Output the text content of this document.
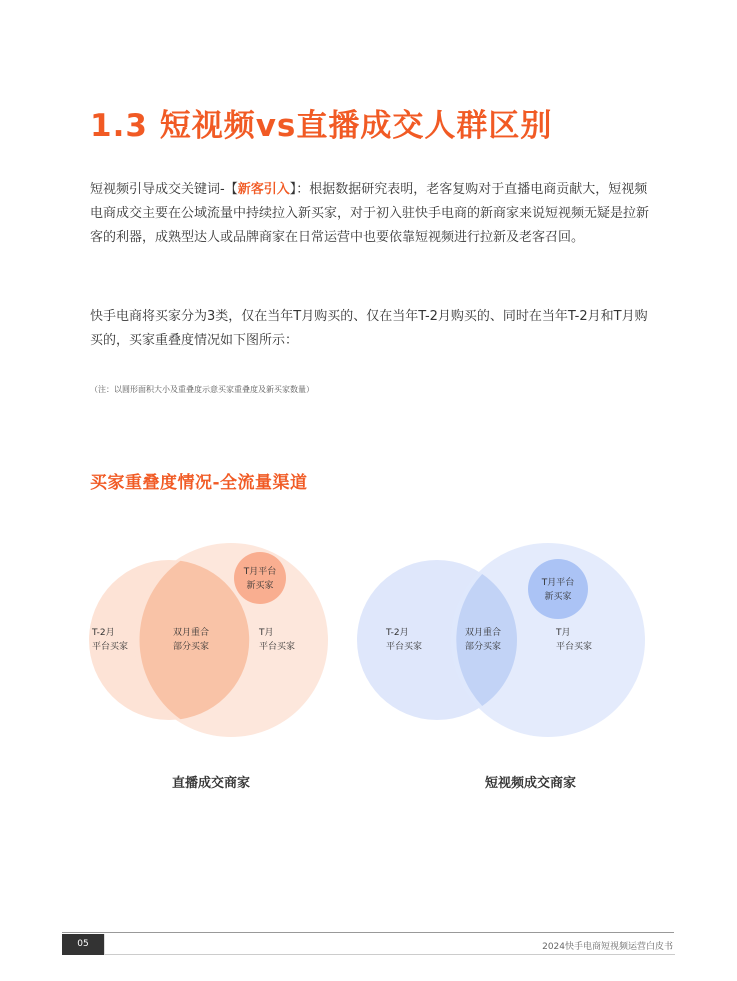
1.3 短视频vs直播成交人群区别
短视频引导成交关键词-【新客引入】：根据数据研究表明，老客复购对于直播电商贡献大，短视频电商成交主要在公域流量中持续拉入新买家，对于初入驻快手电商的新商家来说短视频无疑是拉新客的利器，成熟型达人或品牌商家在日常运营中也要依靠短视频进行拉新及老客召回。
快手电商将买家分为3类，仅在当年T月购买的、仅在当年T-2月购买的、同时在当年T-2月和T月购买的，买家重叠度情况如下图所示：
（注：以圆形面积大小及重叠度示意买家重叠度及新买家数量）
买家重叠度情况-全流量渠道
T-2月
平台买家
双月重合
部分买家
T月
平台买家
T月平台
新买家
T-2月
平台买家
双月重合
部分买家
T月
平台买家
T月平台
新买家
直播成交商家	短视频成交商家
05	2024快手电商短视频运营白皮书
